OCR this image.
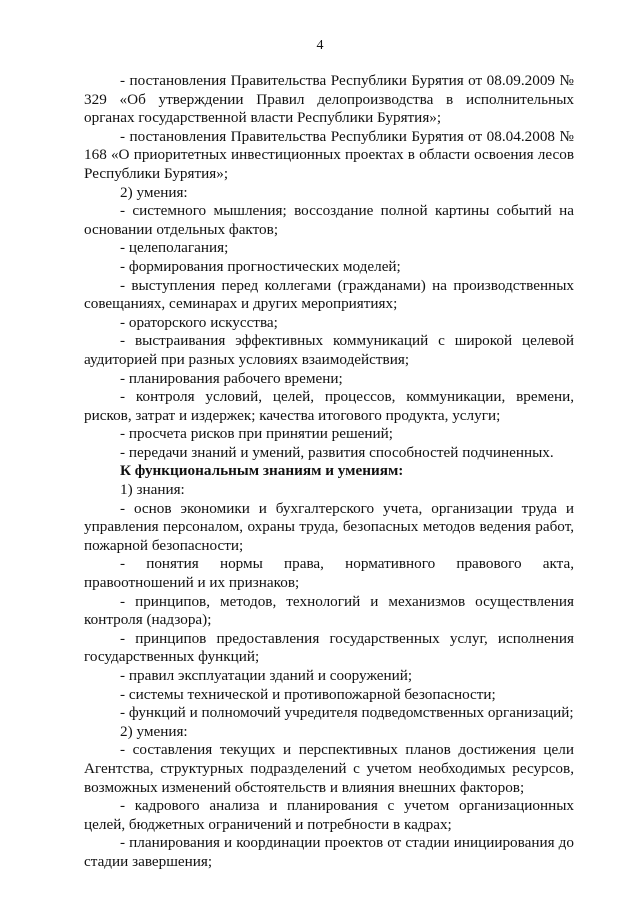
4

- постановления Правительства Республики Бурятия от 08.09.2009 № 329 «Об утверждении Правил делопроизводства в исполнительных органах государственной власти Республики Бурятия»;

- постановления Правительства Республики Бурятия от 08.04.2008 № 168 «О приоритетных инвестиционных проектах в области освоения лесов Республики Бурятия»;

2) умения:

- системного мышления; воссоздание полной картины событий на основании отдельных фактов;

- целеполагания;

- формирования прогностических моделей;

- выступления перед коллегами (гражданами) на производственных совещаниях, семинарах и других мероприятиях;

- ораторского искусства;

- выстраивания эффективных коммуникаций с широкой целевой аудиторией при разных условиях взаимодействия;

- планирования рабочего времени;

- контроля условий, целей, процессов, коммуникации, времени, рисков, затрат и издержек; качества итогового продукта, услуги;

- просчета рисков при принятии решений;

- передачи знаний и умений, развития способностей подчиненных.

К функциональным знаниям и умениям:

1) знания:

- основ экономики и бухгалтерского учета, организации труда и управления персоналом, охраны труда, безопасных методов ведения работ, пожарной безопасности;

- понятия нормы права, нормативного правового акта, правоотношений и их признаков;

- принципов, методов, технологий и механизмов осуществления контроля (надзора);

- принципов предоставления государственных услуг, исполнения государственных функций;

- правил эксплуатации зданий и сооружений;

- системы технической и противопожарной безопасности;

- функций и полномочий учредителя подведомственных организаций;

2) умения:

- составления текущих и перспективных планов достижения цели Агентства, структурных подразделений с учетом необходимых ресурсов, возможных изменений обстоятельств и влияния внешних факторов;

- кадрового анализа и планирования с учетом организационных целей, бюджетных ограничений и потребности в кадрах;

- планирования и координации проектов от стадии инициирования до стадии завершения;
